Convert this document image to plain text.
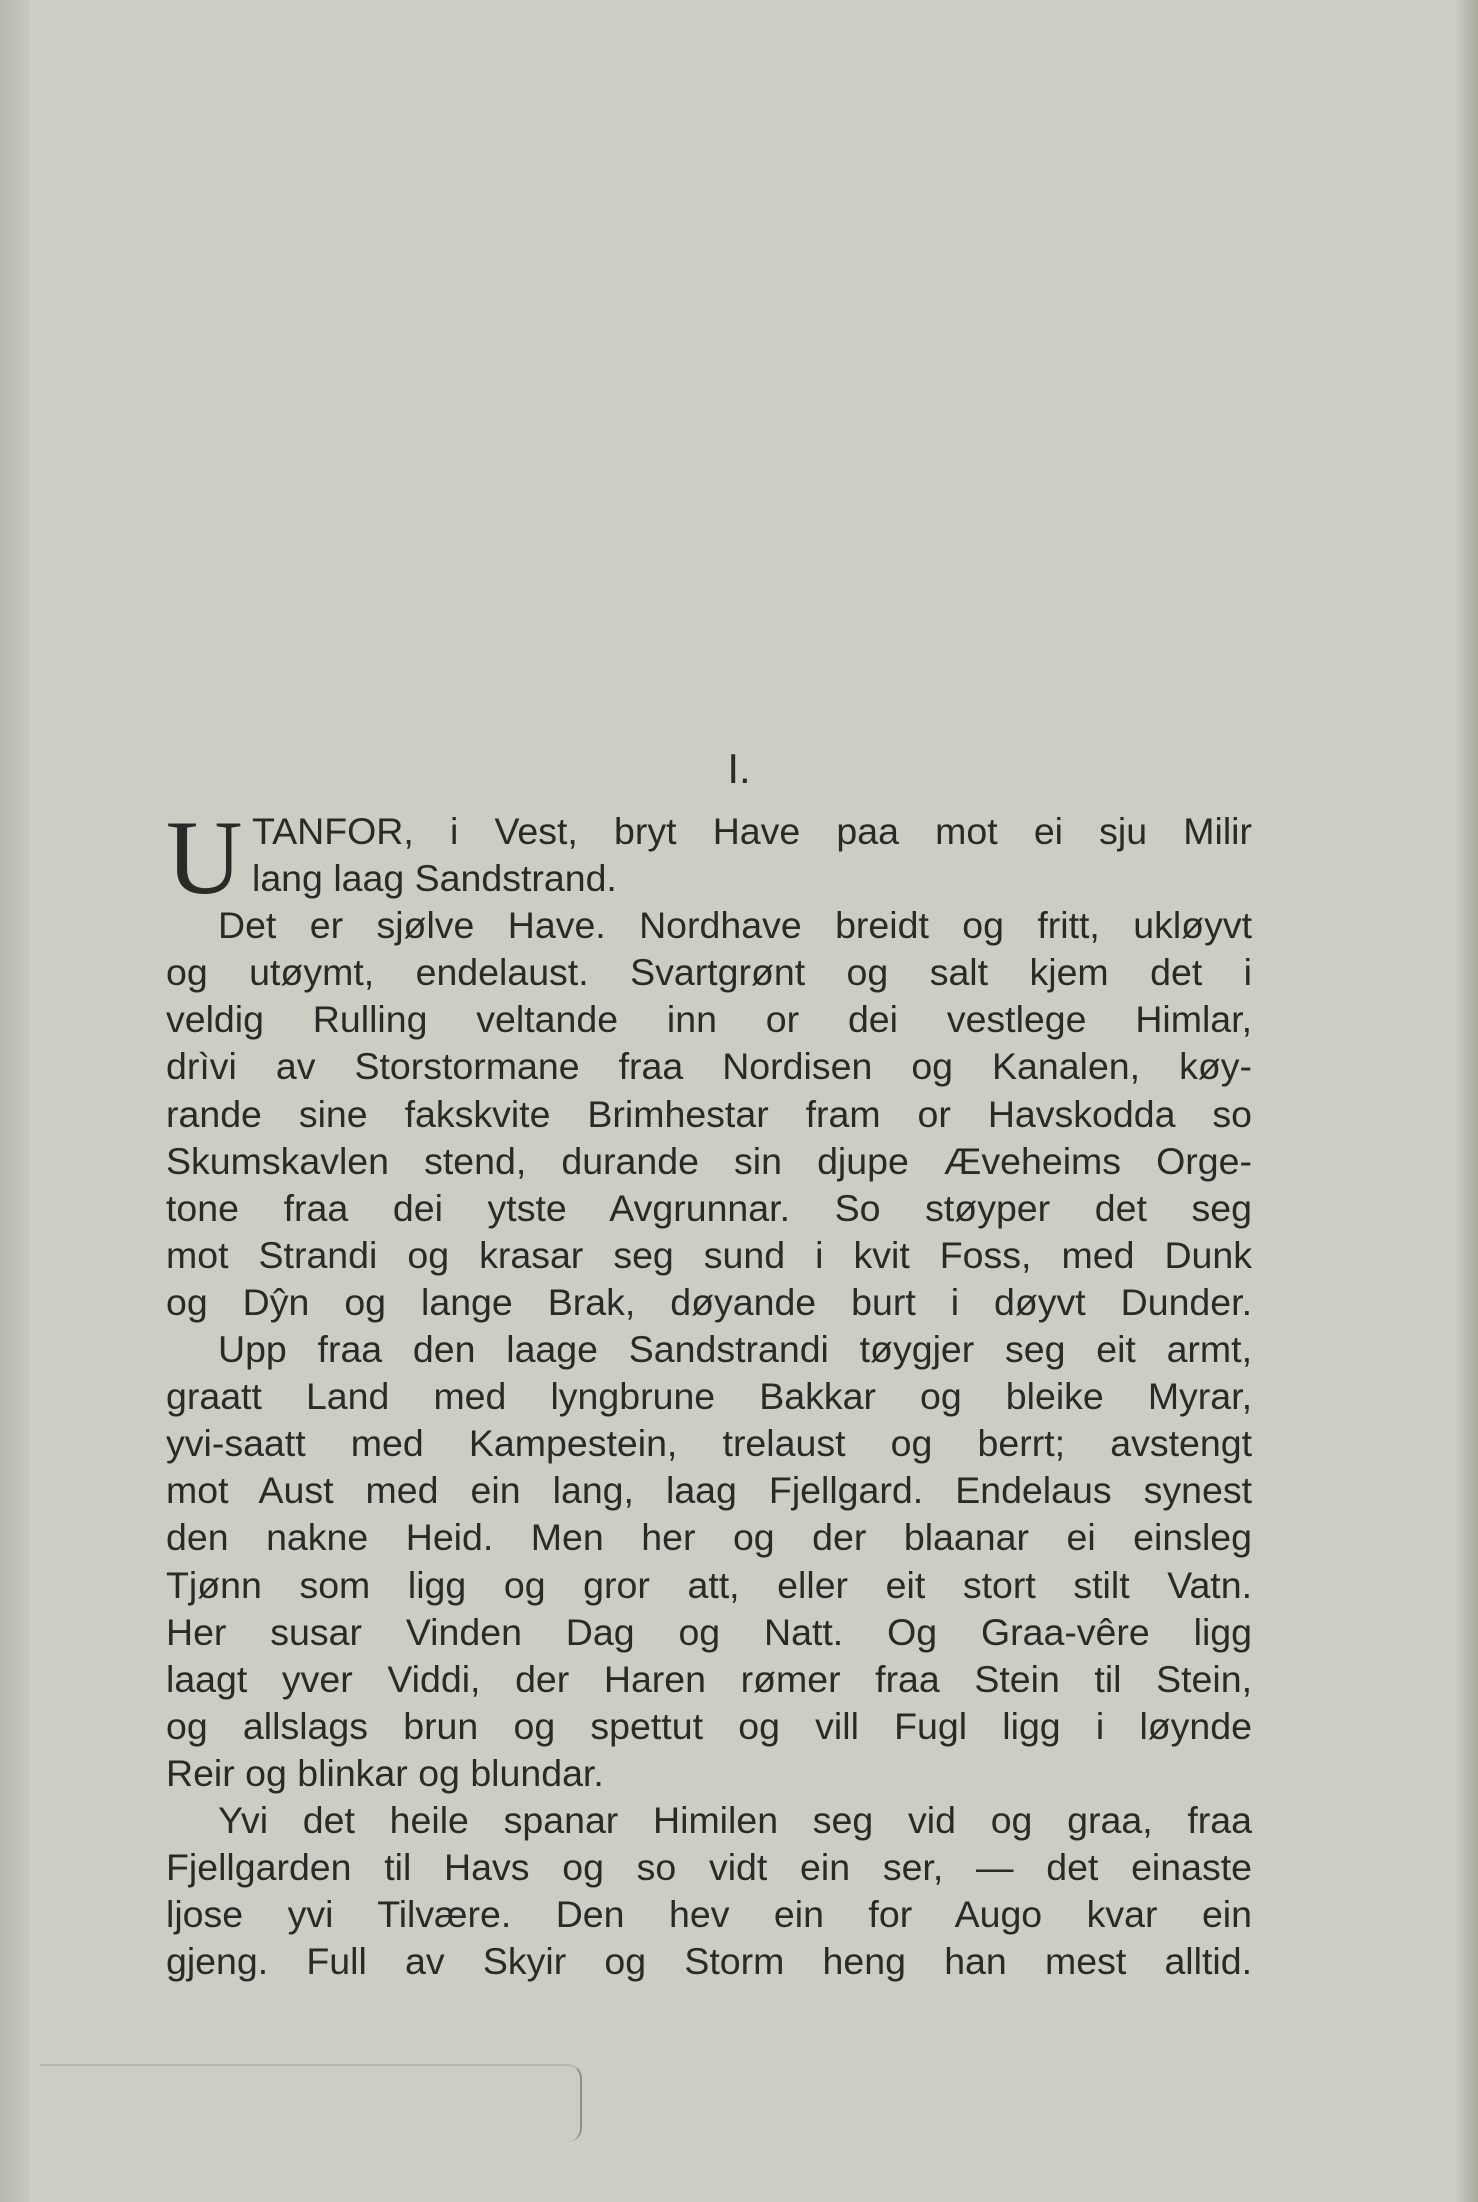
I.
U TANFOR, i Vest, bryt Have paa mot ei sju Milir
lang laag Sandstrand.
Det er sjølve Have. Nordhave breidt og fritt, ukløyvt
og utøymt, endelaust. Svartgrønt og salt kjem det i
veldig Rulling veltande inn or dei vestlege Himlar,
drìvi av Storstormane fraa Nordisen og Kanalen, køy-
rande sine fakskvite Brimhestar fram or Havskodda so
Skumskavlen stend, durande sin djupe Æveheims Orge-
tone fraa dei ytste Avgrunnar. So støyper det seg
mot Strandi og krasar seg sund i kvit Foss, med Dunk
og Dŷn og lange Brak, døyande burt i døyvt Dunder.
Upp fraa den laage Sandstrandi tøygjer seg eit armt,
graatt Land med lyngbrune Bakkar og bleike Myrar,
yvi-saatt med Kampestein, trelaust og berrt; avstengt
mot Aust med ein lang, laag Fjellgard. Endelaus synest
den nakne Heid. Men her og der blaanar ei einsleg
Tjønn som ligg og gror att, eller eit stort stilt Vatn.
Her susar Vinden Dag og Natt. Og Graa-vêre ligg
laagt yver Viddi, der Haren rømer fraa Stein til Stein,
og allslags brun og spettut og vill Fugl ligg i løynde
Reir og blinkar og blundar.
Yvi det heile spanar Himilen seg vid og graa, fraa
Fjellgarden til Havs og so vidt ein ser, — det einaste
ljose yvi Tilvære. Den hev ein for Augo kvar ein
gjeng. Full av Skyir og Storm heng han mest alltid.
